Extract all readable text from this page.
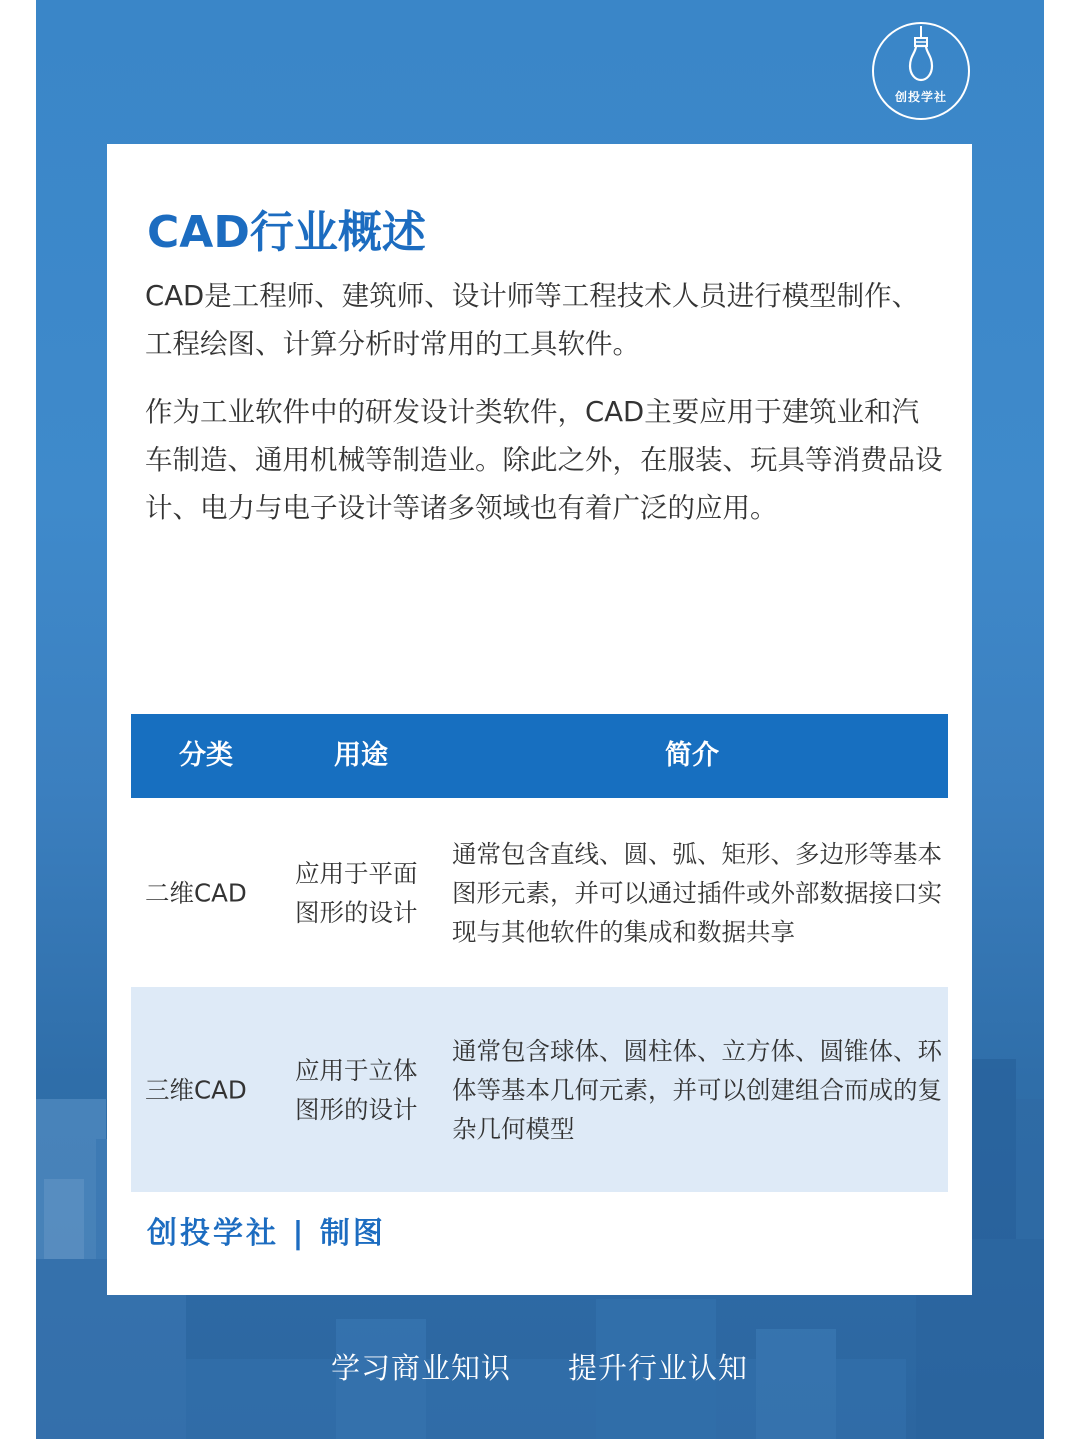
创投学社
CAD行业概述

CAD是工程师、建筑师、设计师等工程技术人员进行模型制作、工程绘图、计算分析时常用的工具软件。

作为工业软件中的研发设计类软件，CAD主要应用于建筑业和汽车制造、通用机械等制造业。除此之外，在服装、玩具等消费品设计、电力与电子设计等诸多领域也有着广泛的应用。

分类	用途	简介
二维CAD
应用于平面图形的设计
通常包含直线、圆、弧、矩形、多边形等基本图形元素，并可以通过插件或外部数据接口实现与其他软件的集成和数据共享
三维CAD
应用于立体图形的设计
通常包含球体、圆柱体、立方体、圆锥体、环体等基本几何元素，并可以创建组合而成的复杂几何模型

创投学社 | 制图

学习商业知识 提升行业认知
